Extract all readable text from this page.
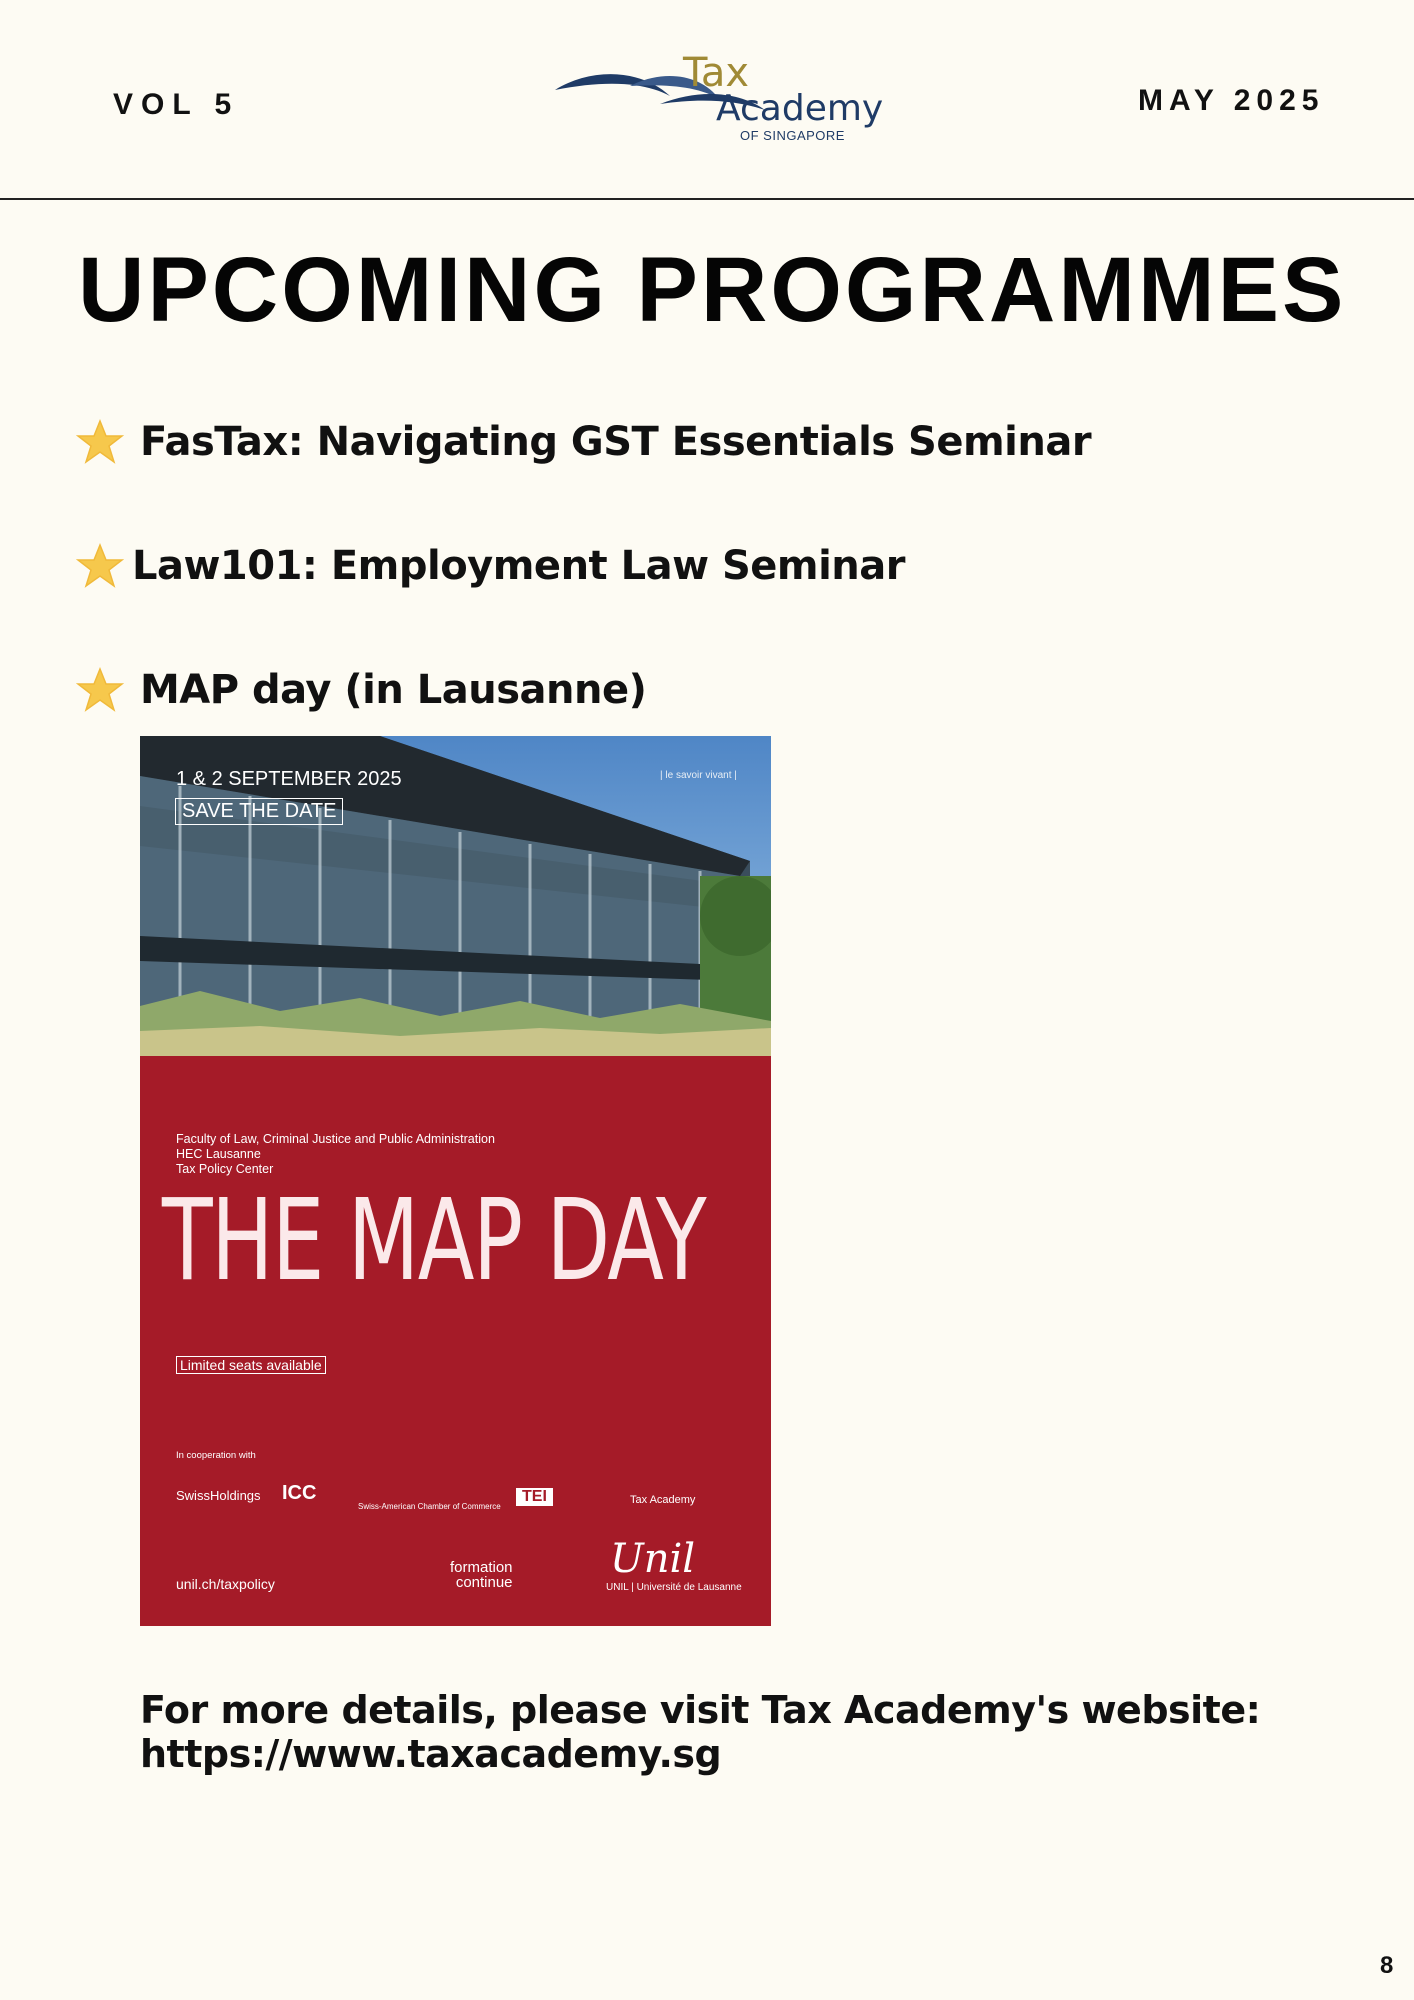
VOL 5
Tax
Academy
OF SINGAPORE
MAY 2025
UPCOMING PROGRAMMES
FasTax: Navigating GST Essentials Seminar
Law101: Employment Law Seminar
MAP day (in Lausanne)
1 & 2 SEPTEMBER 2025
SAVE THE DATE
| le savoir vivant |
Faculty of Law, Criminal Justice and Public Administration
HEC Lausanne
Tax Policy Center
THE MAP DAY
Limited seats available
In cooperation with
SwissHoldings ICC
Swiss-American Chamber of Commerce
TEI	Tax Academy
unil.ch/taxpolicy
formation
continue
Unil
UNIL | Université de Lausanne
For more details, please visit Tax Academy's website:
https://www.taxacademy.sg
8
